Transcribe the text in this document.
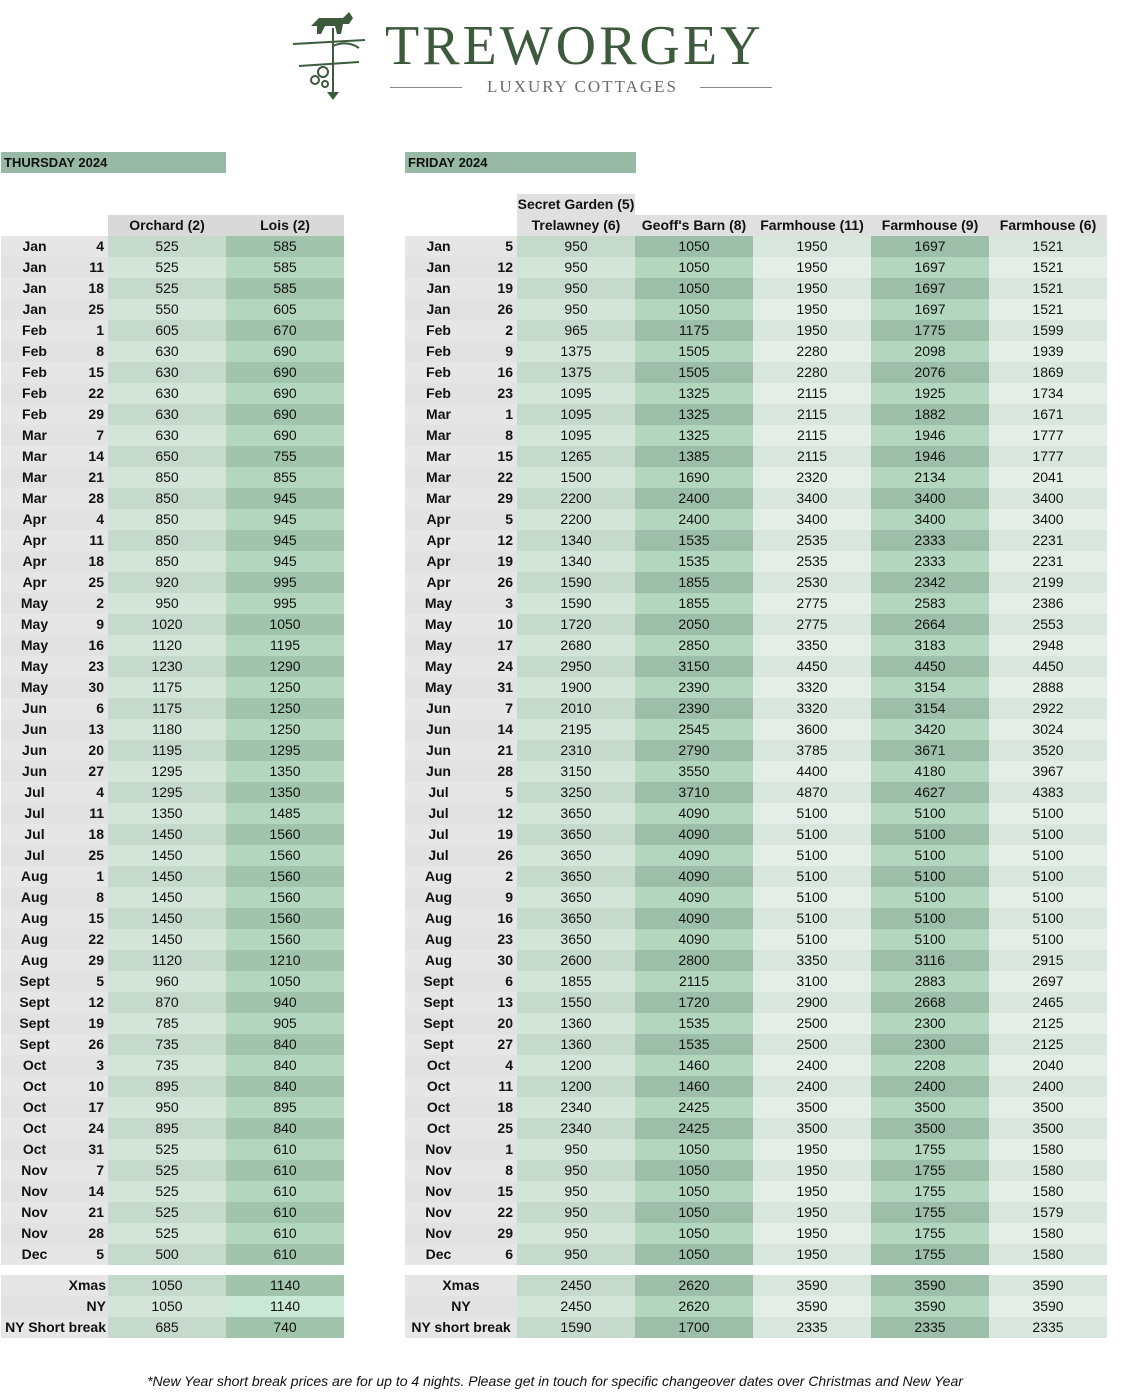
TREWORGEY
LUXURY COTTAGES
THURSDAY 2024	FRIDAY 2024

		Orchard (2)	Lois (2)
Jan	4	525	585
Jan	11	525	585
Jan	18	525	585
Jan	25	550	605
Feb	1	605	670
Feb	8	630	690
Feb	15	630	690
Feb	22	630	690
Feb	29	630	690
Mar	7	630	690
Mar	14	650	755
Mar	21	850	855
Mar	28	850	945
Apr	4	850	945
Apr	11	850	945
Apr	18	850	945
Apr	25	920	995
May	2	950	995
May	9	1020	1050
May	16	1120	1195
May	23	1230	1290
May	30	1175	1250
Jun	6	1175	1250
Jun	13	1180	1250
Jun	20	1195	1295
Jun	27	1295	1350
Jul	4	1295	1350
Jul	11	1350	1485
Jul	18	1450	1560
Jul	25	1450	1560
Aug	1	1450	1560
Aug	8	1450	1560
Aug	15	1450	1560
Aug	22	1450	1560
Aug	29	1120	1210
Sept	5	960	1050
Sept	12	870	940
Sept	19	785	905
Sept	26	735	840
Oct	3	735	840
Oct	10	895	840
Oct	17	950	895
Oct	24	895	840
Oct	31	525	610
Nov	7	525	610
Nov	14	525	610
Nov	21	525	610
Nov	28	525	610
Dec	5	500	610

Xmas		1050	1140
NY		1050	1140
NY Short break		685	740
		Secret Garden (5)				
		Trelawney (6)	Geoff's Barn (8)	Farmhouse (11)	Farmhouse (9)	Farmhouse (6)
Jan	5	950	1050	1950	1697	1521
Jan	12	950	1050	1950	1697	1521
Jan	19	950	1050	1950	1697	1521
Jan	26	950	1050	1950	1697	1521
Feb	2	965	1175	1950	1775	1599
Feb	9	1375	1505	2280	2098	1939
Feb	16	1375	1505	2280	2076	1869
Feb	23	1095	1325	2115	1925	1734
Mar	1	1095	1325	2115	1882	1671
Mar	8	1095	1325	2115	1946	1777
Mar	15	1265	1385	2115	1946	1777
Mar	22	1500	1690	2320	2134	2041
Mar	29	2200	2400	3400	3400	3400
Apr	5	2200	2400	3400	3400	3400
Apr	12	1340	1535	2535	2333	2231
Apr	19	1340	1535	2535	2333	2231
Apr	26	1590	1855	2530	2342	2199
May	3	1590	1855	2775	2583	2386
May	10	1720	2050	2775	2664	2553
May	17	2680	2850	3350	3183	2948
May	24	2950	3150	4450	4450	4450
May	31	1900	2390	3320	3154	2888
Jun	7	2010	2390	3320	3154	2922
Jun	14	2195	2545	3600	3420	3024
Jun	21	2310	2790	3785	3671	3520
Jun	28	3150	3550	4400	4180	3967
Jul	5	3250	3710	4870	4627	4383
Jul	12	3650	4090	5100	5100	5100
Jul	19	3650	4090	5100	5100	5100
Jul	26	3650	4090	5100	5100	5100
Aug	2	3650	4090	5100	5100	5100
Aug	9	3650	4090	5100	5100	5100
Aug	16	3650	4090	5100	5100	5100
Aug	23	3650	4090	5100	5100	5100
Aug	30	2600	2800	3350	3116	2915
Sept	6	1855	2115	3100	2883	2697
Sept	13	1550	1720	2900	2668	2465
Sept	20	1360	1535	2500	2300	2125
Sept	27	1360	1535	2500	2300	2125
Oct	4	1200	1460	2400	2208	2040
Oct	11	1200	1460	2400	2400	2400
Oct	18	2340	2425	3500	3500	3500
Oct	25	2340	2425	3500	3500	3500
Nov	1	950	1050	1950	1755	1580
Nov	8	950	1050	1950	1755	1580
Nov	15	950	1050	1950	1755	1580
Nov	22	950	1050	1950	1755	1579
Nov	29	950	1050	1950	1755	1580
Dec	6	950	1050	1950	1755	1580

Xmas		2450	2620	3590	3590	3590
NY		2450	2620	3590	3590	3590
NY short break		1590	1700	2335	2335	2335
*New Year short break prices are for up to 4 nights. Please get in touch for specific changeover dates over Christmas and New Year
